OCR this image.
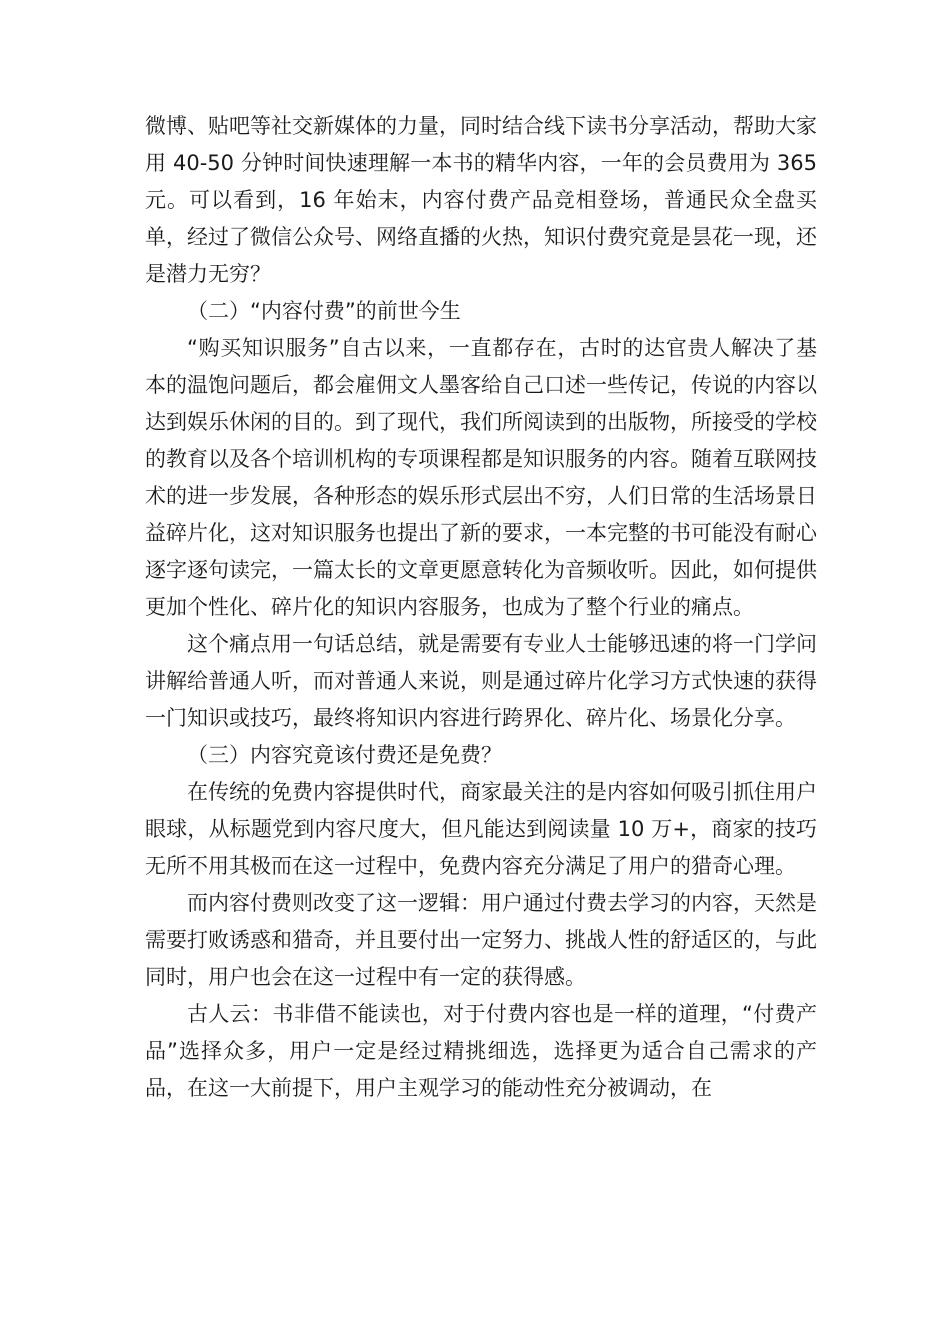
微博、贴吧等社交新媒体的力量，同时结合线下读书分享活动，帮助大家用 40-50 分钟时间快速理解一本书的精华内容，一年的会员费用为 365 元。可以看到，16 年始末，内容付费产品竞相登场，普通民众全盘买单，经过了微信公众号、网络直播的火热，知识付费究竟是昙花一现，还是潜力无穷？

（二）“内容付费”的前世今生

“购买知识服务”自古以来，一直都存在，古时的达官贵人解决了基本的温饱问题后，都会雇佣文人墨客给自己口述一些传记，传说的内容以达到娱乐休闲的目的。到了现代，我们所阅读到的出版物，所接受的学校的教育以及各个培训机构的专项课程都是知识服务的内容。随着互联网技术的进一步发展，各种形态的娱乐形式层出不穷，人们日常的生活场景日益碎片化，这对知识服务也提出了新的要求，一本完整的书可能没有耐心逐字逐句读完，一篇太长的文章更愿意转化为音频收听。因此，如何提供更加个性化、碎片化的知识内容服务，也成为了整个行业的痛点。

这个痛点用一句话总结，就是需要有专业人士能够迅速的将一门学问讲解给普通人听，而对普通人来说，则是通过碎片化学习方式快速的获得一门知识或技巧，最终将知识内容进行跨界化、碎片化、场景化分享。

（三）内容究竟该付费还是免费？

在传统的免费内容提供时代，商家最关注的是内容如何吸引抓住用户眼球，从标题党到内容尺度大，但凡能达到阅读量 10 万+，商家的技巧无所不用其极而在这一过程中，免费内容充分满足了用户的猎奇心理。

而内容付费则改变了这一逻辑：用户通过付费去学习的内容，天然是需要打败诱惑和猎奇，并且要付出一定努力、挑战人性的舒适区的，与此同时，用户也会在这一过程中有一定的获得感。

古人云：书非借不能读也，对于付费内容也是一样的道理，“付费产品”选择众多，用户一定是经过精挑细选，选择更为适合自己需求的产品，在这一大前提下，用户主观学习的能动性充分被调动，在
